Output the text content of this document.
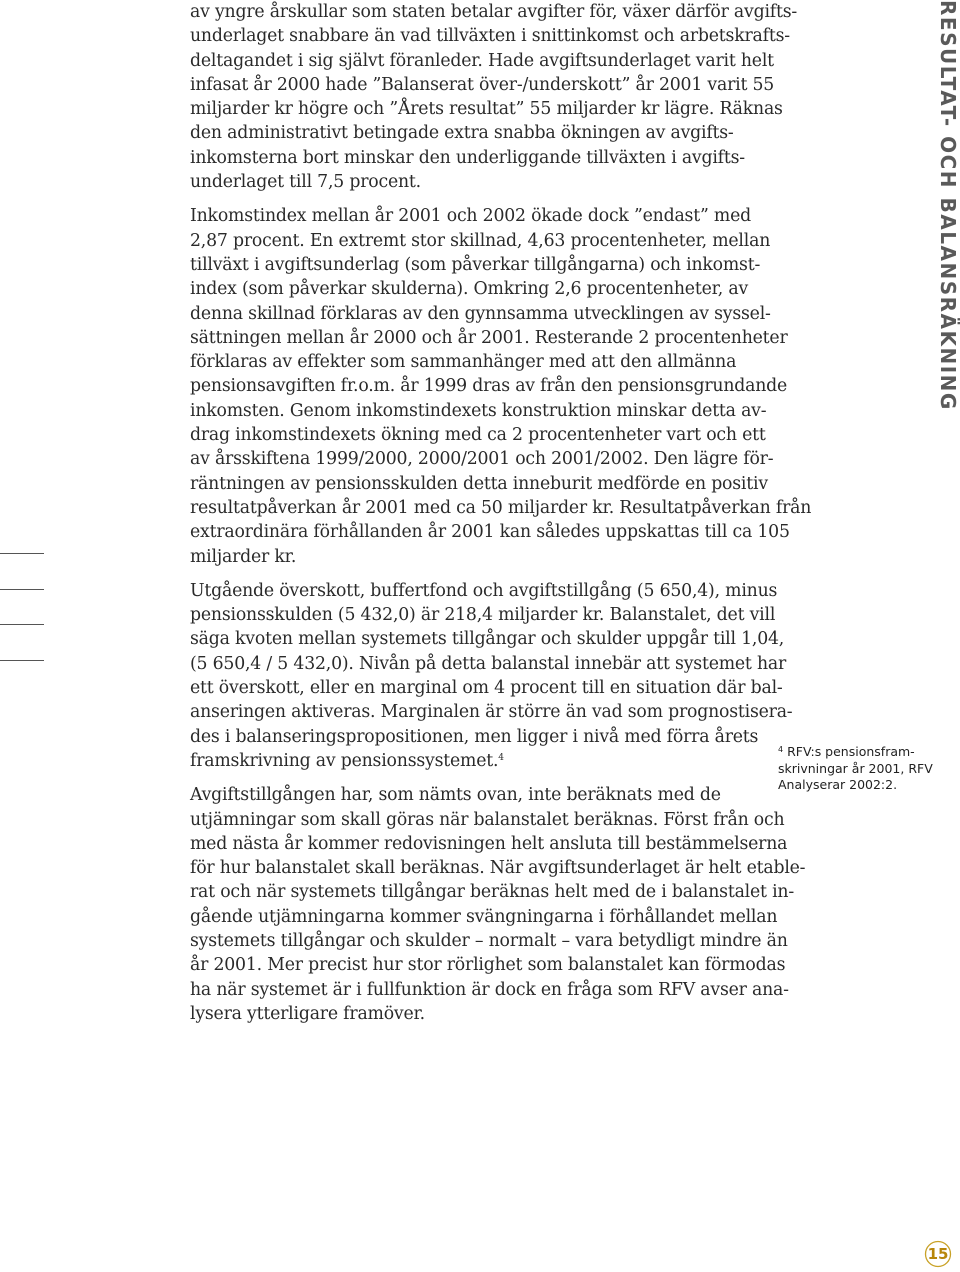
av yngre årskullar som staten betalar avgifter för, växer därför avgifts-
underlaget snabbare än vad tillväxten i snittinkomst och arbetskrafts-
deltagandet i sig självt föranleder. Hade avgiftsunderlaget varit helt
infasat år 2000 hade ”Balanserat över-/underskott” år 2001 varit 55
miljarder kr högre och ”Årets resultat” 55 miljarder kr lägre. Räknas
den administrativt betingade extra snabba ökningen av avgifts-
inkomsterna bort minskar den underliggande tillväxten i avgifts-
underlaget till 7,5 procent.
Inkomstindex mellan år 2001 och 2002 ökade dock ”endast” med
2,87 procent. En extremt stor skillnad, 4,63 procentenheter, mellan
tillväxt i avgiftsunderlag (som påverkar tillgångarna) och inkomst-
index (som påverkar skulderna). Omkring 2,6 procentenheter, av
denna skillnad förklaras av den gynnsamma utvecklingen av syssel-
sättningen mellan år 2000 och år 2001. Resterande 2 procentenheter
förklaras av effekter som sammanhänger med att den allmänna
pensionsavgiften fr.o.m. år 1999 dras av från den pensionsgrundande
inkomsten. Genom inkomstindexets konstruktion minskar detta av-
drag inkomstindexets ökning med ca 2 procentenheter vart och ett
av årsskiftena 1999/2000, 2000/2001 och 2001/2002. Den lägre för-
räntningen av pensionsskulden detta inneburit medförde en positiv
resultatpåverkan år 2001 med ca 50 miljarder kr. Resultatpåverkan från
extraordinära förhållanden år 2001 kan således uppskattas till ca 105
miljarder kr.
Utgående överskott, buffertfond och avgiftstillgång (5 650,4), minus
pensionsskulden (5 432,0) är 218,4 miljarder kr. Balanstalet, det vill
säga kvoten mellan systemets tillgångar och skulder uppgår till 1,04,
(5 650,4 / 5 432,0). Nivån på detta balanstal innebär att systemet har
ett överskott, eller en marginal om 4 procent till en situation där bal-
anseringen aktiveras. Marginalen är större än vad som prognostisera-
des i balanseringspropositionen, men ligger i nivå med förra årets
framskrivning av pensionssystemet.$^4$
Avgiftstillgången har, som nämts ovan, inte beräknats med de
utjämningar som skall göras när balanstalet beräknas. Först från och
med nästa år kommer redovisningen helt ansluta till bestämmelserna
för hur balanstalet skall beräknas. När avgiftsunderlaget är helt etable-
rat och när systemets tillgångar beräknas helt med de i balanstalet in-
gående utjämningarna kommer svängningarna i förhållandet mellan
systemets tillgångar och skulder – normalt – vara betydligt mindre än
år 2001. Mer precist hur stor rörlighet som balanstalet kan förmodas
ha när systemet är i fullfunktion är dock en fråga som RFV avser ana-
lysera ytterligare framöver.
RESULTAT- OCH BALANSRÄKNING
$^4$ RFV:s pensionsfram-
skrivningar år 2001, RFV
Analyserar 2002:2.
15
